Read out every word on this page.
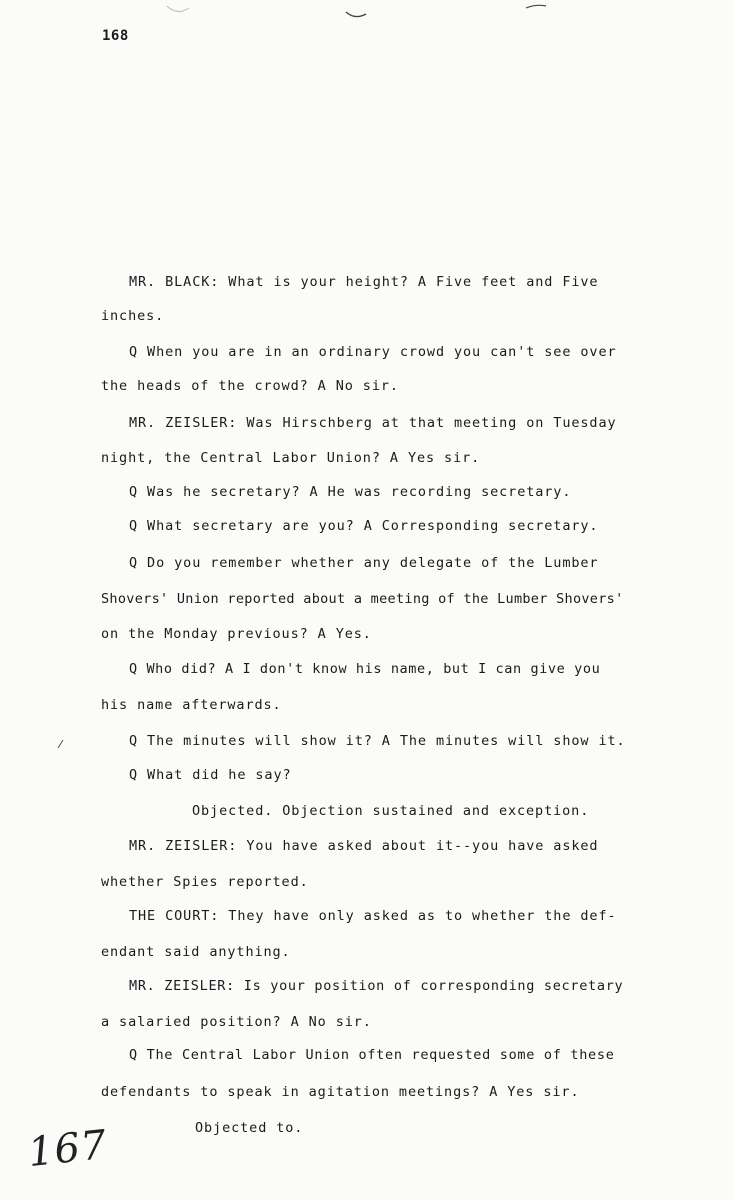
168
MR. BLACK: What is your height? A Five feet and Five
inches.
Q When you are in an ordinary crowd you can't see over
the heads of the crowd? A No sir.
MR. ZEISLER: Was Hirschberg at that meeting on Tuesday
night, the Central Labor Union? A Yes sir.
Q Was he secretary? A He was recording secretary.
Q What secretary are you? A Corresponding secretary.
Q Do you remember whether any delegate of the Lumber
Shovers' Union reported about a meeting of the Lumber Shovers'
on the Monday previous? A Yes.
Q Who did? A I don't know his name, but I can give you
his name afterwards.
Q The minutes will show it? A The minutes will show it.
Q What did he say?
Objected. Objection sustained and exception.
MR. ZEISLER: You have asked about it--you have asked
whether Spies reported.
THE COURT: They have only asked as to whether the def-
endant said anything.
MR. ZEISLER: Is your position of corresponding secretary
a salaried position? A No sir.
Q The Central Labor Union often requested some of these
defendants to speak in agitation meetings? A Yes sir.
Objected to.
167
